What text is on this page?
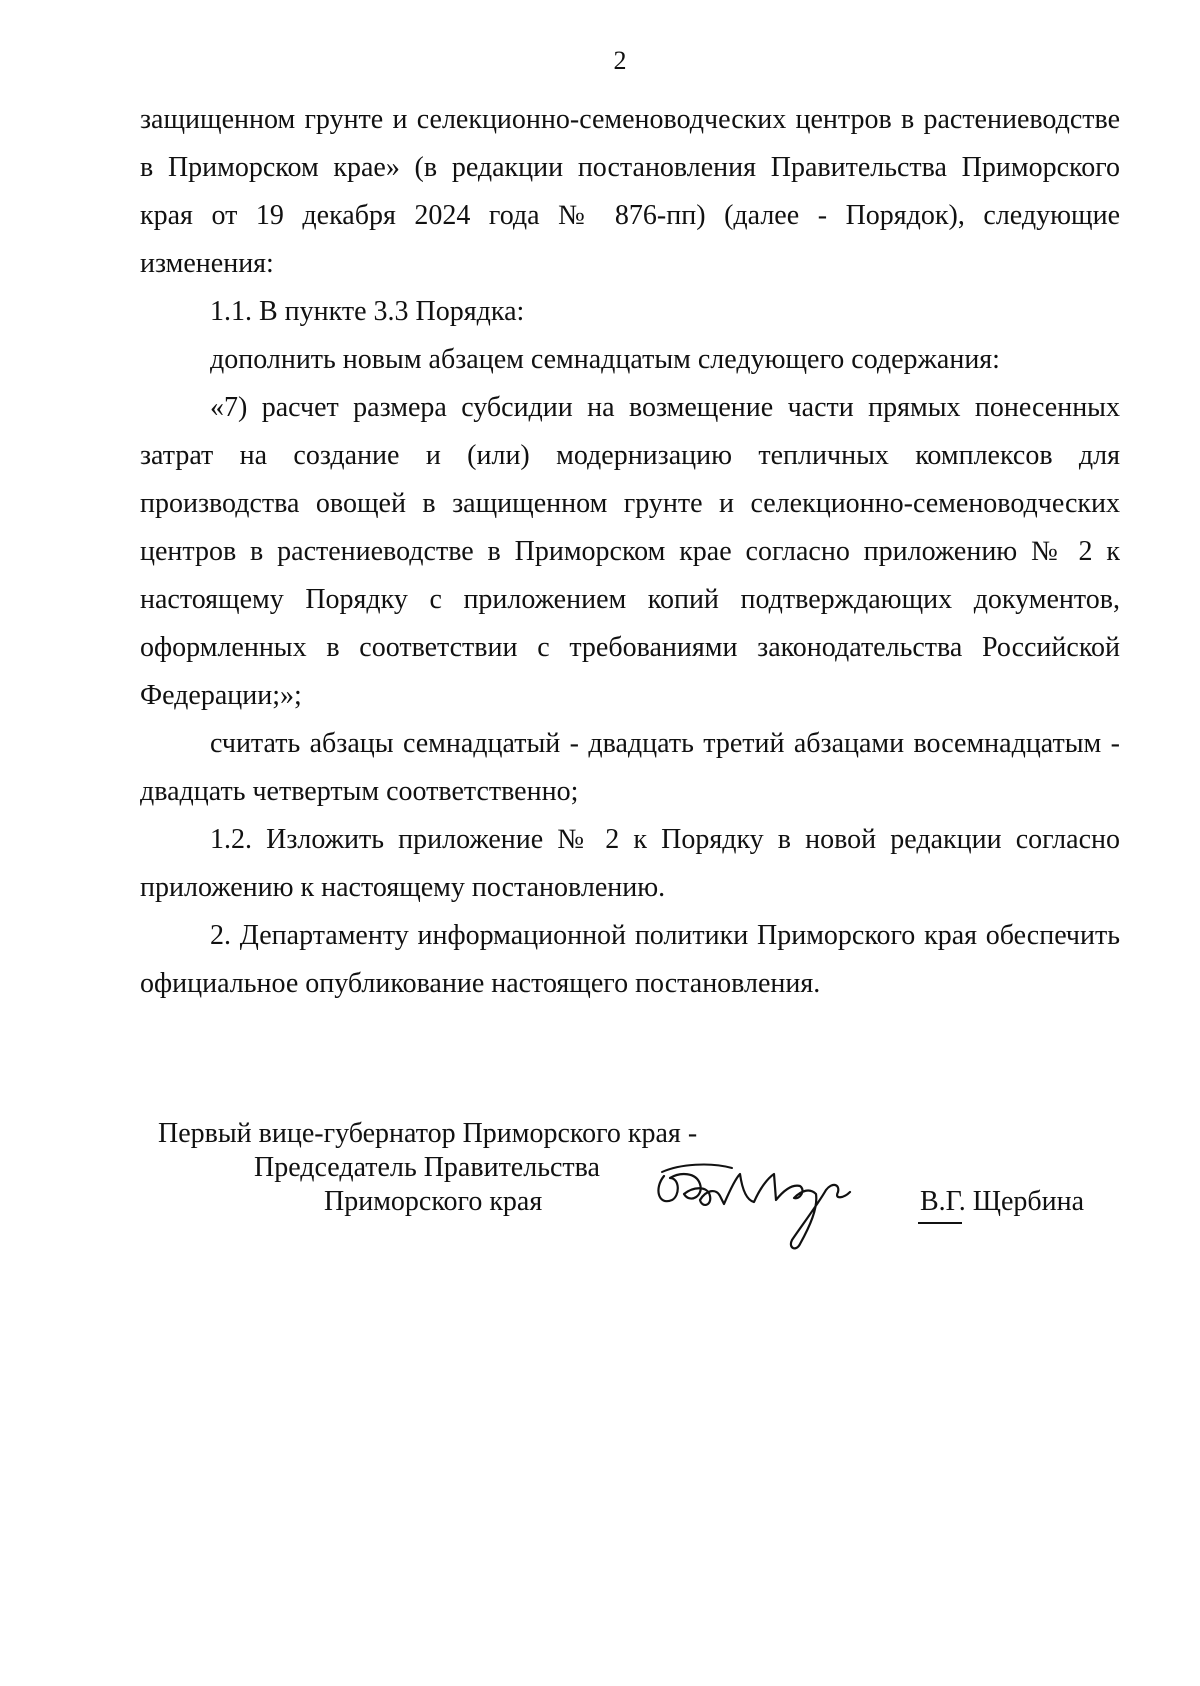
2

защищенном грунте и селекционно-семеноводческих центров в растениеводстве в Приморском крае» (в редакции постановления Правительства Приморского края от 19 декабря 2024 года № 876-пп) (далее - Порядок), следующие изменения:

1.1. В пункте 3.3 Порядка:

дополнить новым абзацем семнадцатым следующего содержания:

«7) расчет размера субсидии на возмещение части прямых понесенных затрат на создание и (или) модернизацию тепличных комплексов для производства овощей в защищенном грунте и селекционно-семеноводческих центров в растениеводстве в Приморском крае согласно приложению № 2 к настоящему Порядку с приложением копий подтверждающих документов, оформленных в соответствии с требованиями законодательства Российской Федерации;»;

считать абзацы семнадцатый - двадцать третий абзацами восемнадцатым - двадцать четвертым соответственно;

1.2. Изложить приложение № 2 к Порядку в новой редакции согласно приложению к настоящему постановлению.

2. Департаменту информационной политики Приморского края обеспечить официальное опубликование настоящего постановления.

Первый вице-губернатор Приморского края -
Председатель Правительства
Приморского края	В.Г. Щербина
